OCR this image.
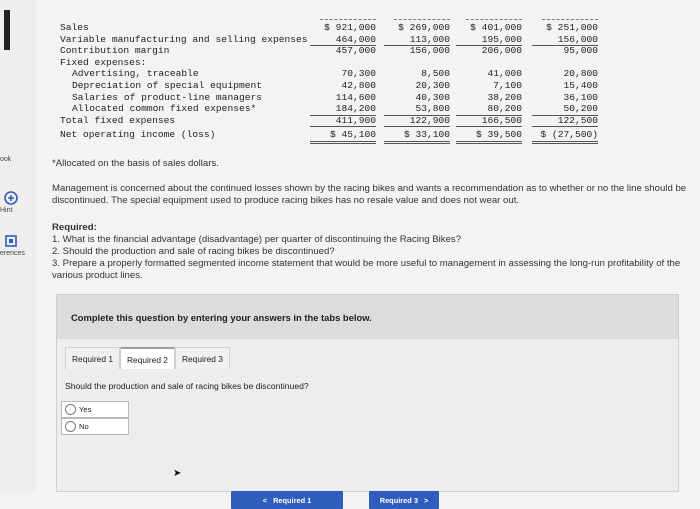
ook
Hint
erences
Sales	$ 921,000	$ 269,000	$ 401,000	$ 251,000
Variable manufacturing and selling expenses	464,000	113,000	195,000	156,000
Contribution margin	457,000	156,000	206,000	95,000
Fixed expenses:
Advertising, traceable	70,300	8,500	41,000	20,800
Depreciation of special equipment	42,800	20,300	7,100	15,400
Salaries of product-line managers	114,600	40,300	38,200	36,100
Allocated common fixed expenses*	184,200	53,800	80,200	50,200
Total fixed expenses	411,900	122,900	166,500	122,500
Net operating income (loss)	$ 45,100	$ 33,100	$ 39,500	$ (27,500)
*Allocated on the basis of sales dollars.
Management is concerned about the continued losses shown by the racing bikes and wants a recommendation as to whether or no the line should be discontinued. The special equipment used to produce racing bikes has no resale value and does not wear out.
Required:
1. What is the financial advantage (disadvantage) per quarter of discontinuing the Racing Bikes?
2. Should the production and sale of racing bikes be discontinued?
3. Prepare a properly formatted segmented income statement that would be more useful to management in assessing the long-run profitability of the various product lines.
Complete this question by entering your answers in the tabs below.
Required 1	Required 2	Required 3
Should the production and sale of racing bikes be discontinued?
Yes
No
➤
< Required 1	Required 3 >
